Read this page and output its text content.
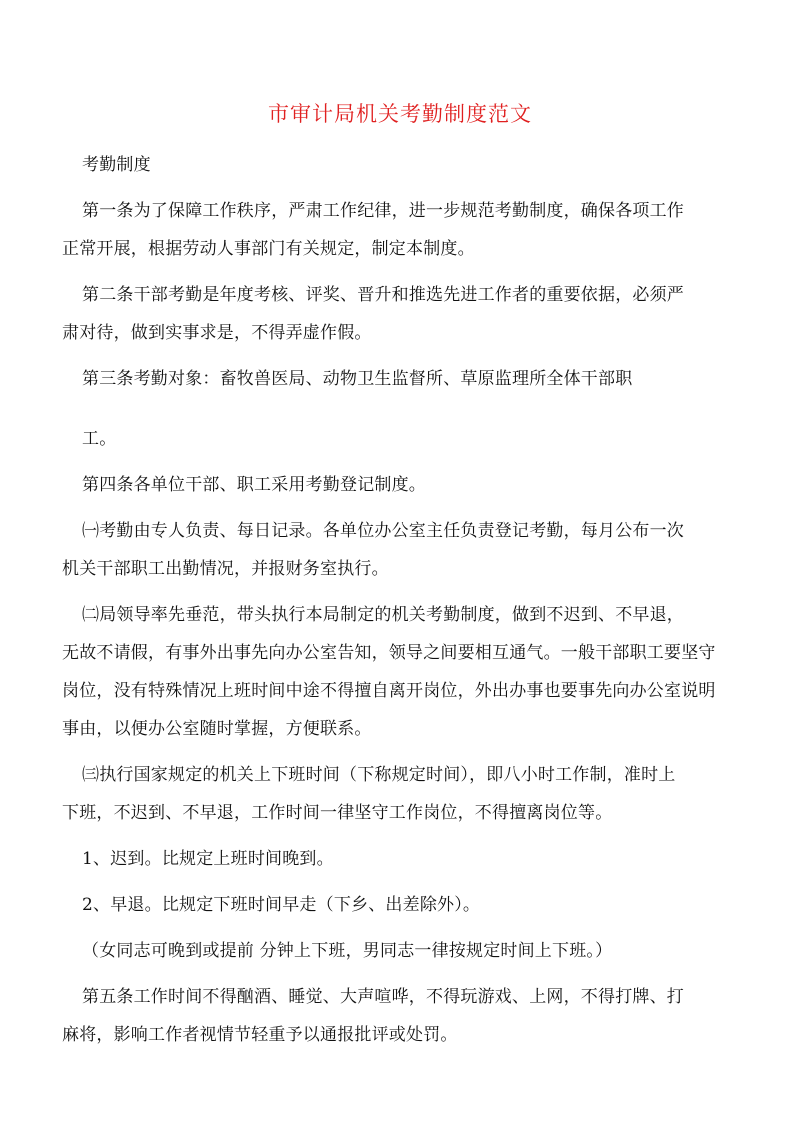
市审计局机关考勤制度范文

考勤制度

第一条为了保障工作秩序，严肃工作纪律，进一步规范考勤制度，确保各项工作
正常开展，根据劳动人事部门有关规定，制定本制度。

第二条干部考勤是年度考核、评奖、晋升和推选先进工作者的重要依据，必须严
肃对待，做到实事求是，不得弄虚作假。

第三条考勤对象：畜牧兽医局、动物卫生监督所、草原监理所全体干部职

工。

第四条各单位干部、职工采用考勤登记制度。

㈠考勤由专人负责、每日记录。各单位办公室主任负责登记考勤，每月公布一次
机关干部职工出勤情况，并报财务室执行。

㈡局领导率先垂范，带头执行本局制定的机关考勤制度，做到不迟到、不早退，
无故不请假，有事外出事先向办公室告知，领导之间要相互通气。一般干部职工要坚守
岗位，没有特殊情况上班时间中途不得擅自离开岗位，外出办事也要事先向办公室说明
事由，以便办公室随时掌握，方便联系。

㈢执行国家规定的机关上下班时间（下称规定时间），即八小时工作制，准时上
下班，不迟到、不早退，工作时间一律坚守工作岗位，不得擅离岗位等。

1、迟到。比规定上班时间晚到。

2、早退。比规定下班时间早走（下乡、出差除外）。

（女同志可晚到或提前 分钟上下班，男同志一律按规定时间上下班。）

第五条工作时间不得酗酒、睡觉、大声喧哗，不得玩游戏、上网，不得打牌、打
麻将，影响工作者视情节轻重予以通报批评或处罚。
